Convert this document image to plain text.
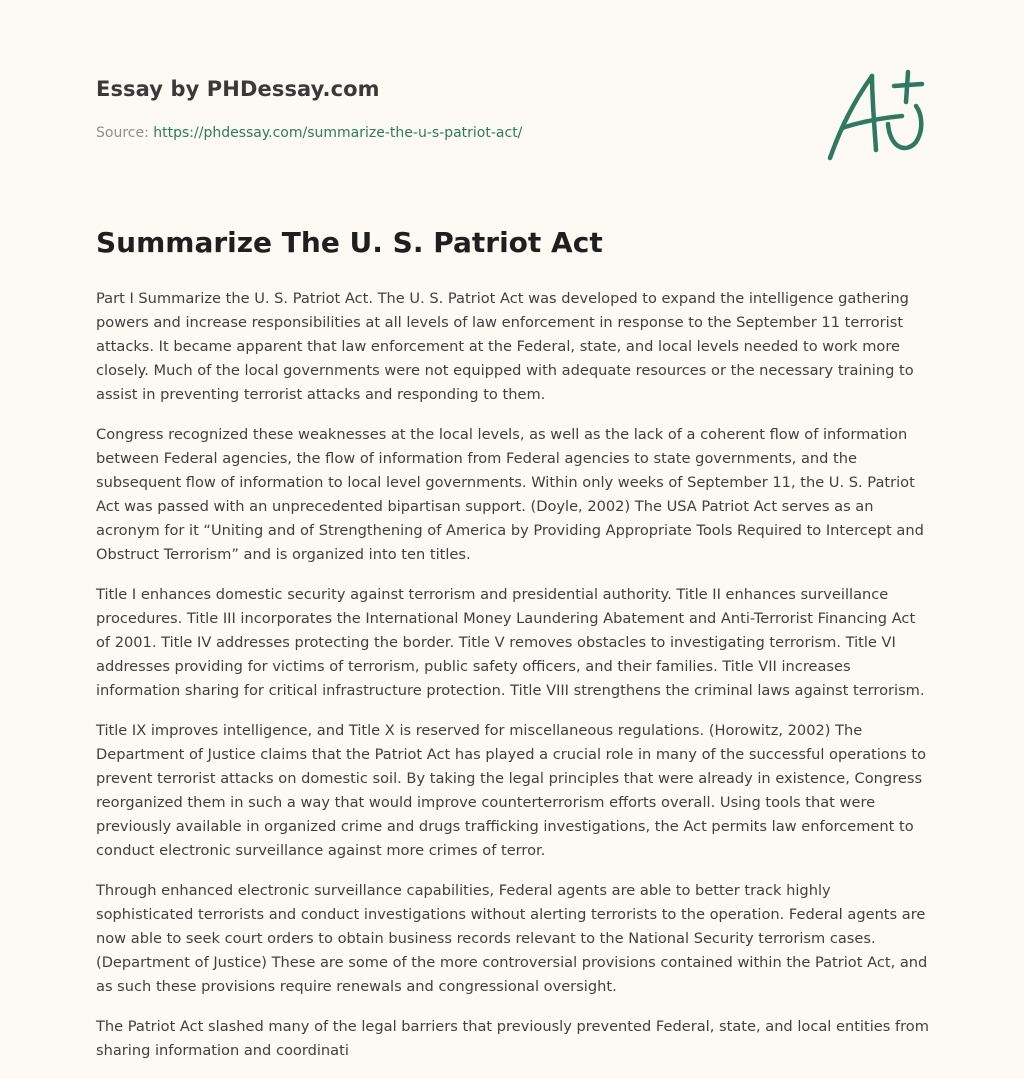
Essay by PHDessay.com
Source: https://phdessay.com/summarize-the-u-s-patriot-act/
Summarize The U. S. Patriot Act

Part I Summarize the U. S. Patriot Act. The U. S. Patriot Act was developed to expand the intelligence gathering powers and increase responsibilities at all levels of law enforcement in response to the September 11 terrorist attacks. It became apparent that law enforcement at the Federal, state, and local levels needed to work more closely. Much of the local governments were not equipped with adequate resources or the necessary training to assist in preventing terrorist attacks and responding to them.

Congress recognized these weaknesses at the local levels, as well as the lack of a coherent flow of information between Federal agencies, the flow of information from Federal agencies to state governments, and the subsequent flow of information to local level governments. Within only weeks of September 11, the U. S. Patriot Act was passed with an unprecedented bipartisan support. (Doyle, 2002) The USA Patriot Act serves as an acronym for it “Uniting and of Strengthening of America by Providing Appropriate Tools Required to Intercept and Obstruct Terrorism” and is organized into ten titles.

Title I enhances domestic security against terrorism and presidential authority. Title II enhances surveillance procedures. Title III incorporates the International Money Laundering Abatement and Anti-Terrorist Financing Act of 2001. Title IV addresses protecting the border. Title V removes obstacles to investigating terrorism. Title VI addresses providing for victims of terrorism, public safety officers, and their families. Title VII increases information sharing for critical infrastructure protection. Title VIII strengthens the criminal laws against terrorism.

Title IX improves intelligence, and Title X is reserved for miscellaneous regulations. (Horowitz, 2002) The Department of Justice claims that the Patriot Act has played a crucial role in many of the successful operations to prevent terrorist attacks on domestic soil. By taking the legal principles that were already in existence, Congress reorganized them in such a way that would improve counterterrorism efforts overall. Using tools that were previously available in organized crime and drugs trafficking investigations, the Act permits law enforcement to conduct electronic surveillance against more crimes of terror.

Through enhanced electronic surveillance capabilities, Federal agents are able to better track highly sophisticated terrorists and conduct investigations without alerting terrorists to the operation. Federal agents are now able to seek court orders to obtain business records relevant to the National Security terrorism cases. (Department of Justice) These are some of the more controversial provisions contained within the Patriot Act, and as such these provisions require renewals and congressional oversight.

The Patriot Act slashed many of the legal barriers that previously prevented Federal, state, and local entities from sharing information and coordinati
